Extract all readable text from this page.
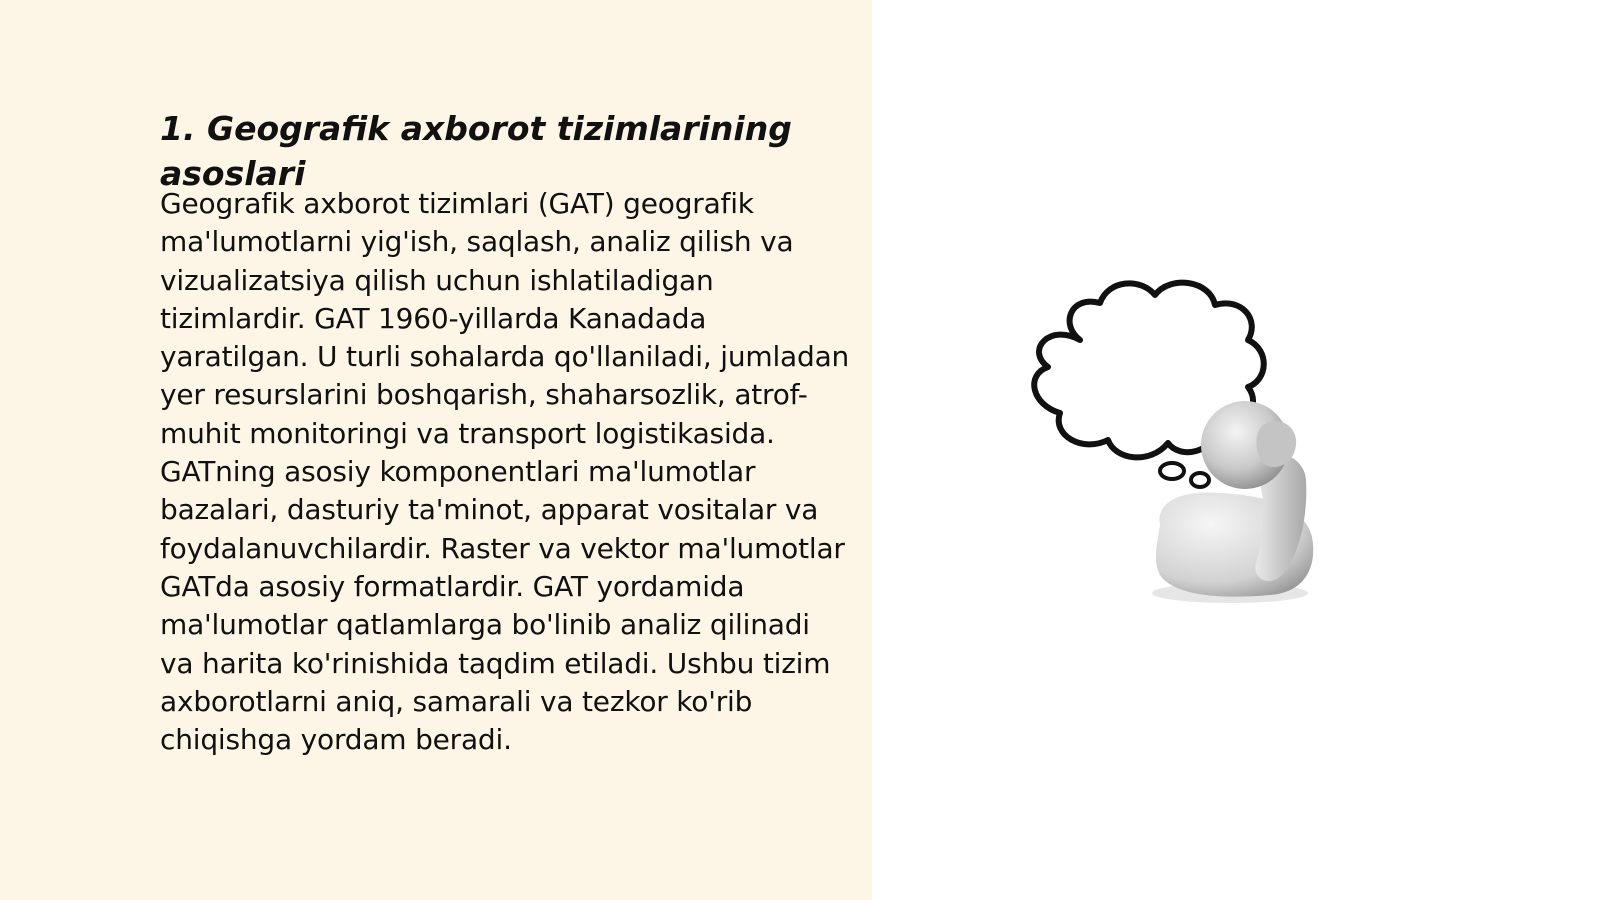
1. Geografik axborot tizimlarining asoslari

Geografik axborot tizimlari (GAT) geografik ma'lumotlarni yig'ish, saqlash, analiz qilish va vizualizatsiya qilish uchun ishlatiladigan tizimlardir. GAT 1960-yillarda Kanadada yaratilgan. U turli sohalarda qo'llaniladi, jumladan yer resurslarini boshqarish, shaharsozlik, atrof-muhit monitoringi va transport logistikasida. GATning asosiy komponentlari ma'lumotlar bazalari, dasturiy ta'minot, apparat vositalar va foydalanuvchilardir. Raster va vektor ma'lumotlar GATda asosiy formatlardir. GAT yordamida ma'lumotlar qatlamlarga bo'linib analiz qilinadi va harita ko'rinishida taqdim etiladi. Ushbu tizim axborotlarni aniq, samarali va tezkor ko'rib chiqishga yordam beradi.
